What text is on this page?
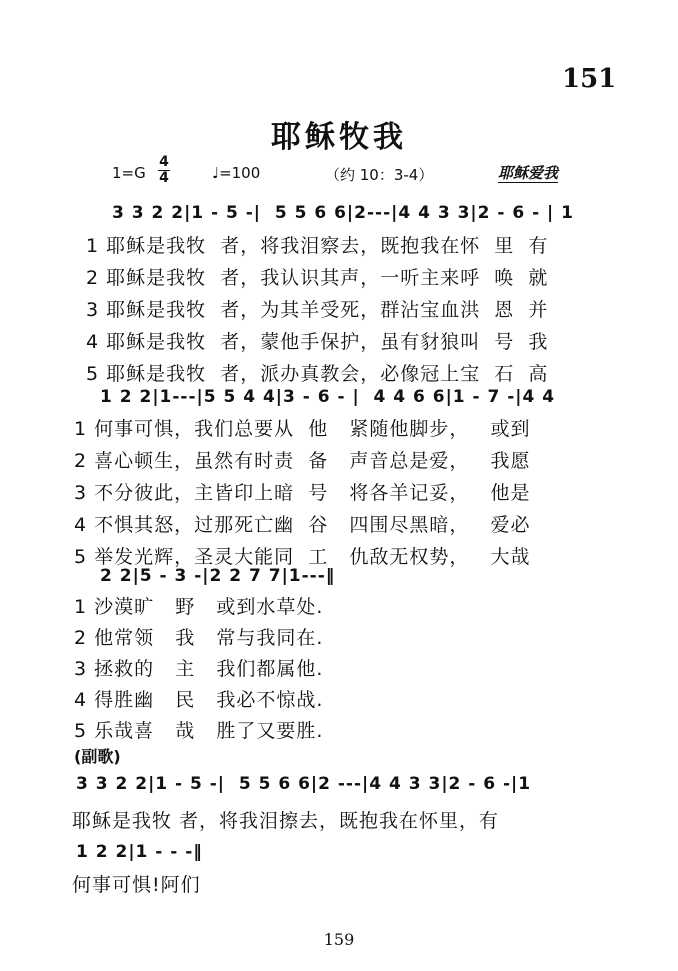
151
耶稣牧我
1=G
4
4	♩=100	（约 10：3-4）	耶稣爱我
3 3 2 2|1 - 5 -|  5 5 6 6|2---|4 4 3 3|2 - 6 - | 1
1 耶稣是我牧  者，将我泪察去，既抱我在怀  里  有
2 耶稣是我牧  者，我认识其声，一听主来呼  唤  就
3 耶稣是我牧  者，为其羊受死，群沾宝血洪  恩  并
4 耶稣是我牧  者，蒙他手保护，虽有豺狼叫  号  我
5 耶稣是我牧  者，派办真教会，必像冠上宝  石  高
1 2 2|1---|5 5 4 4|3 - 6 - |  4 4 6 6|1 - 7 -|4 4
1 何事可惧，我们总要从  他   紧随他脚步，   或到
2 喜心顿生，虽然有时责  备   声音总是爱，   我愿
3 不分彼此，主皆印上暗  号   将各羊记妥，   他是
4 不惧其怒，过那死亡幽  谷   四围尽黑暗，   爱必
5 举发光辉，圣灵大能同  工   仇敌无权势，   大哉
2 2|5 - 3 -|2 2 7 7|1---‖
1 沙漠旷   野   或到水草处.
2 他常领   我   常与我同在.
3 拯救的   主   我们都属他.
4 得胜幽   民   我必不惊战.
5 乐哉喜   哉   胜了又要胜.
(副歌)
3 3 2 2|1 - 5 -|  5 5 6 6|2 ---|4 4 3 3|2 - 6 -|1
耶稣是我牧 者，将我泪擦去，既抱我在怀里，有
1 2 2|1 - - -‖
何事可惧!阿们
159
